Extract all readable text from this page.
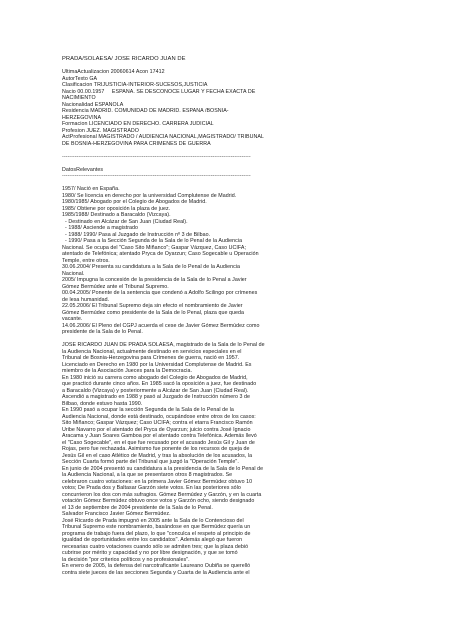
PRADA/SOLAESA/ JOSE RICARDO JUAN DE
UltimaActualizacion 20060614 Acon 17412
AutorTexto GA
Clasificacion TRIJUSTICIA-INTERIOR-SUCESOS,JUSTICIA
Nacio 00.00.1957     ESPAÑA. SE DESCONOCE LUGAR Y FECHA EXACTA DE
NACIMIENTO
Nacionalidad ESPAÑOLA
Residencia MADRID. COMUNIDAD DE MADRID. ESPAÑA /BOSNIA-
HERZEGOVINA
Formacion LICENCIADO EN DERECHO. CARRERA JUDICIAL
Profesion JUEZ. MAGISTRADO
ActProfesional MAGISTRADO / AUDIENCIA NACIONAL,MAGISTRADO/ TRIBUNAL
DE BOSNIA-HERZEGOVINA PARA CRIMENES DE GUERRA
--------------------------------------------------------------------------------------------------------
DatosRelevantes
--------------------------------------------------------------------------------------------------------
1957/ Nació en España.
1980/ Se licencia en derecho por la universidad Complutense de Madrid.
1980/1985/ Abogado por el Colegio de Abogados de Madrid.
1985/ Obtiene por oposición la plaza de juez.
1985/1988/ Destinado a Baracaldo (Vizcaya).
- Destinado en Alcázar de San Juan (Ciudad Real).
- 1988/ Asciende a magistrado
- 1988/ 1990/ Pasa al Juzgado de Instrucción nº 3 de Bilbao.
- 1990/ Pasa a la Sección Segunda de la Sala de lo Penal de la Audiencia
Nacional. Se ocupa del "Caso Sito Miñanco"; Gaspar Vázquez, Caso UCIFA;
atentado de Telefónica; atentado Pryca de Oyarzun; Caso Sogecable u Operación
Temple, entre otros.
30.06.2004/ Presenta su candidatura a la Sala de lo Penal de la Audiencia
Nacional.
2005/ Impugna la concesión de la presidencia de la Sala de lo Penal a Javier
Gómez Bermúdez ante el Tribunal Supremo.
00.04.2005/ Ponente de la sentencia que condenó a Adolfo Scilingo por crímenes
de lesa humanidad.
22.05.2006/ El Tribunal Supremo deja sin efecto el nombramiento de Javier
Gómez Bermúdez como presidente de la Sala de lo Penal, plaza que queda
vacante.
14.06.2006/ El Pleno del CGPJ acuerda el cese de Javier Gómez Bermúdez como
presidente de la Sala de lo Penal.
JOSE RICARDO JUAN DE PRADA SOLAESA, magistrado de la Sala de lo Penal de
la Audiencia Nacional, actualmente destinado en servicios especiales en el
Tribunal de Bosnia-Herzegovina para Crímenes de guerra, nació en 1957.
Licenciado en Derecho en 1980 por la Universidad Complutense de Madrid. Es
miembro de la Asociación Jueces para la Democracia.
En 1980 inició su carrera como abogado del Colegio de Abogados de Madrid,
que practicó durante cinco años. En 1985 sacó la oposición a juez, fue destinado
a Baracaldo (Vizcaya) y posteriormente a Alcázar de San Juan (Ciudad Real).
Ascendió a magistrado en 1988 y pasó al Juzgado de Instrucción número 3 de
Bilbao, donde estuvo hasta 1990.
En 1990 pasó a ocupar la sección Segunda de la Sala de lo Penal de la
Audiencia Nacional, donde está destinado, ocupándose entre otros de los casos:
Sito Miñanco; Gaspar Vázquez; Caso UCIFA; contra el etarra Francisco Ramón
Uribe Navarro por el atentado del Pryca de Oyarzun; juicio contra José Ignacio
Aracama y Juan Soares Gamboa por el atentado contra Telefónica. Además llevó
el "Caso Sogecable", en el que fue recusado por el acusado Jesús Gil y Juan de
Rojas, pero fue rechazada. Asimismo fue ponente de los recursos de queja de
Jesús Gil en el caso Atlético de Madrid, y tras la absolución de los acusados, la
Sección Cuarta formó parte del Tribunal que juzgó la "Operación Temple".
En junio de 2004 presentó su candidatura a la presidencia de la Sala de lo Penal de
la Audiencia Nacional, a la que se presentaron otros 8 magistrados. Se
celebraron cuatro votaciones: en la primera Javier Gómez Bermúdez obtuvo 10
votos; De Prada dos y Baltasar Garzón siete votos. En las posteriores sólo
concurrieron los dos con más sufragios. Gómez Bermúdez y Garzón, y en la cuarta
votación Gómez Bermúdez obtuvo once votos y Garzón ocho, siendo designado
el 13 de septiembre de 2004 presidente de la Sala de lo Penal.
Salvador Francisco Javier Gómez Bermúdez.
José Ricardo de Prada impugnó en 2005 ante la Sala de lo Contencioso del
Tribunal Supremo este nombramiento, basándose en que Bermúdez quería un
programa de trabajo fuera del plazo, lo que "conculca el respeto al principio de
igualdad de oportunidades entre los candidatos". Además alegó que fueron
necesarias cuatro votaciones cuando sólo se admiten tres; que la plaza debió
cubrirse por mérito y capacidad y no por libre designación, y que se tomó
la decisión "por criterios políticos y no profesionales".
En enero de 2005, la defensa del narcotraficante Laureano Oubiña se querelló
contra siete jueces de las secciones Segunda y Cuarta de la Audiencia ante el
